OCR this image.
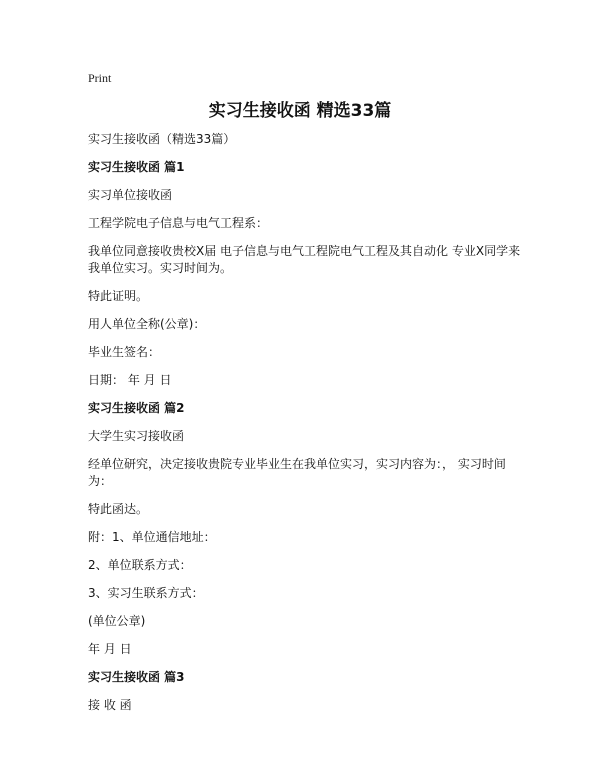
Print
实习生接收函 精选33篇

实习生接收函（精选33篇）

实习生接收函 篇1

实习单位接收函

工程学院电子信息与电气工程系：

我单位同意接收贵校X届 电子信息与电气工程院电气工程及其自动化 专业X同学来我单位实习。实习时间为。

特此证明。

用人单位全称(公章)：

毕业生签名：

日期： 年 月 日

实习生接收函 篇2

大学生实习接收函

经单位研究，决定接收贵院专业毕业生在我单位实习，实习内容为：， 实习时间为：

特此函达。

附：1、单位通信地址：

2、单位联系方式：

3、实习生联系方式：

(单位公章)

年 月 日

实习生接收函 篇3

接 收 函
